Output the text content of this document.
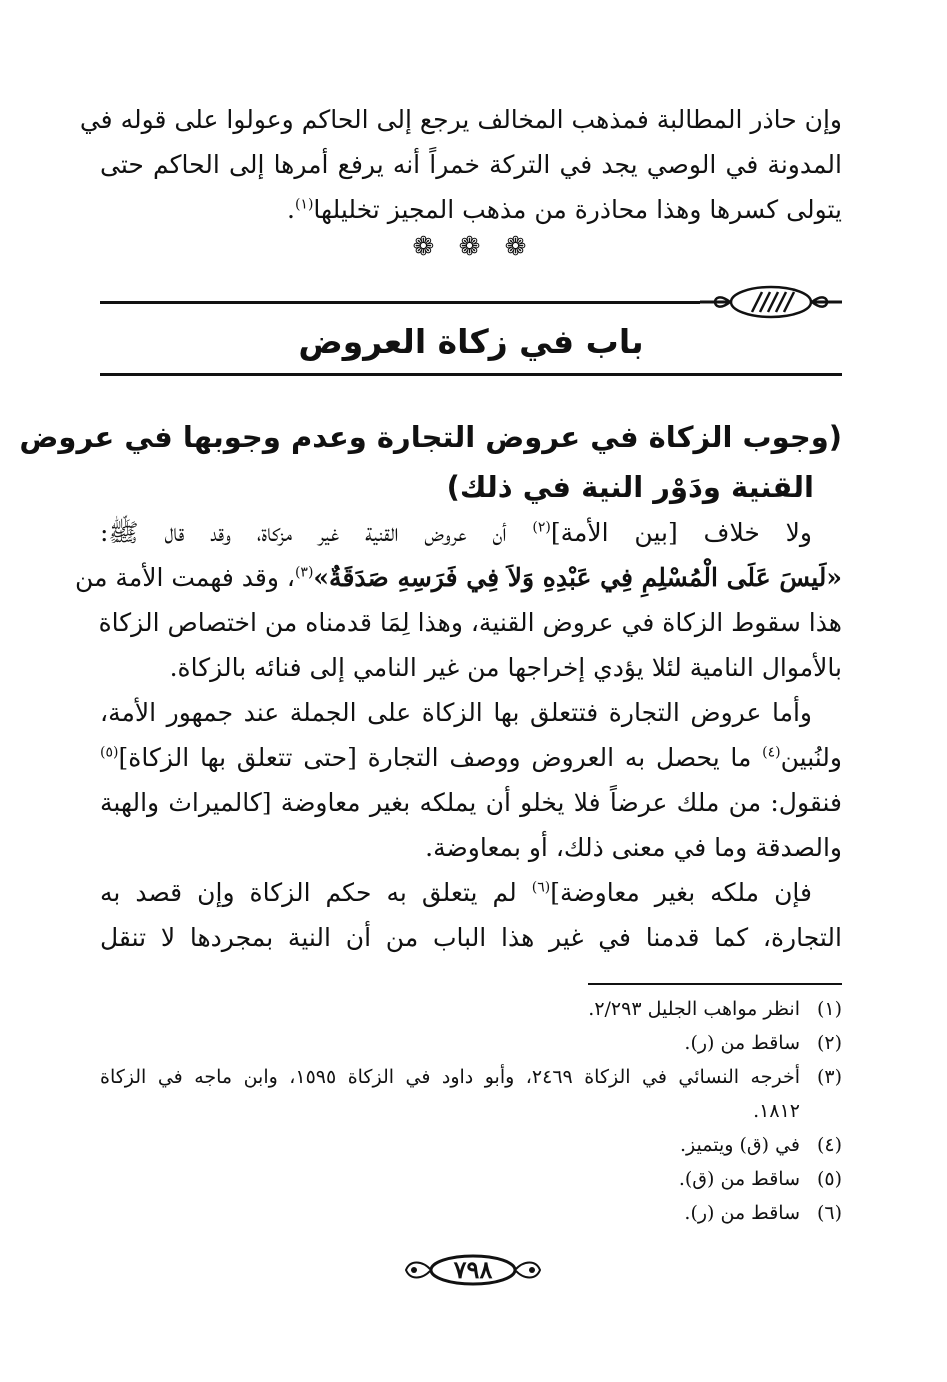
وإن حاذر المطالبة فمذهب المخالف يرجع إلى الحاكم وعولوا على قوله في
المدونة في الوصي يجد في التركة خمراً أنه يرفع أمرها إلى الحاكم حتى
يتولى كسرها وهذا محاذرة من مذهب المجيز تخليلها$^{(١)}$.
❁ ❁ ❁
باب في زكاة العروض
(وجوب الزكاة في عروض التجارة وعدم وجوبها في عروض
القنية ودَوْر النية في ذلك)
ولا خلاف [بين الأمة]$^{(٢)}$ أن عروض القنية غير مزكاة، وقد قال ﷺ:
«لَيسَ عَلَى الْمُسْلِمِ فِي عَبْدِهِ وَلاَ فِي فَرَسِهِ صَدَقَةٌ»$^{(٣)}$، وقد فهمت الأمة من
هذا سقوط الزكاة في عروض القنية، وهذا لِمَا قدمناه من اختصاص الزكاة
بالأموال النامية لئلا يؤدي إخراجها من غير النامي إلى فنائه بالزكاة.
وأما عروض التجارة فتتعلق بها الزكاة على الجملة عند جمهور الأمة،
ولنُبين$^{(٤)}$ ما يحصل به العروض ووصف التجارة [حتى تتعلق بها الزكاة]$^{(٥)}$
فنقول: من ملك عرضاً فلا يخلو أن يملكه بغير معاوضة [كالميراث والهبة
والصدقة وما في معنى ذلك، أو بمعاوضة.
فإن ملكه بغير معاوضة]$^{(٦)}$ لم يتعلق به حكم الزكاة وإن قصد به
التجارة، كما قدمنا في غير هذا الباب من أن النية بمجردها لا تنقل
(١)
انظر مواهب الجليل ٢/٢٩٣.
(٢)
ساقط من (ر).
(٣)
أخرجه النسائي في الزكاة ٢٤٦٩، وأبو داود في الزكاة ١٥٩٥، وابن ماجه في الزكاة
١٨١٢.
(٤)
في (ق) ويتميز.
(٥)
ساقط من (ق).
(٦)
ساقط من (ر).
٧٩٨
